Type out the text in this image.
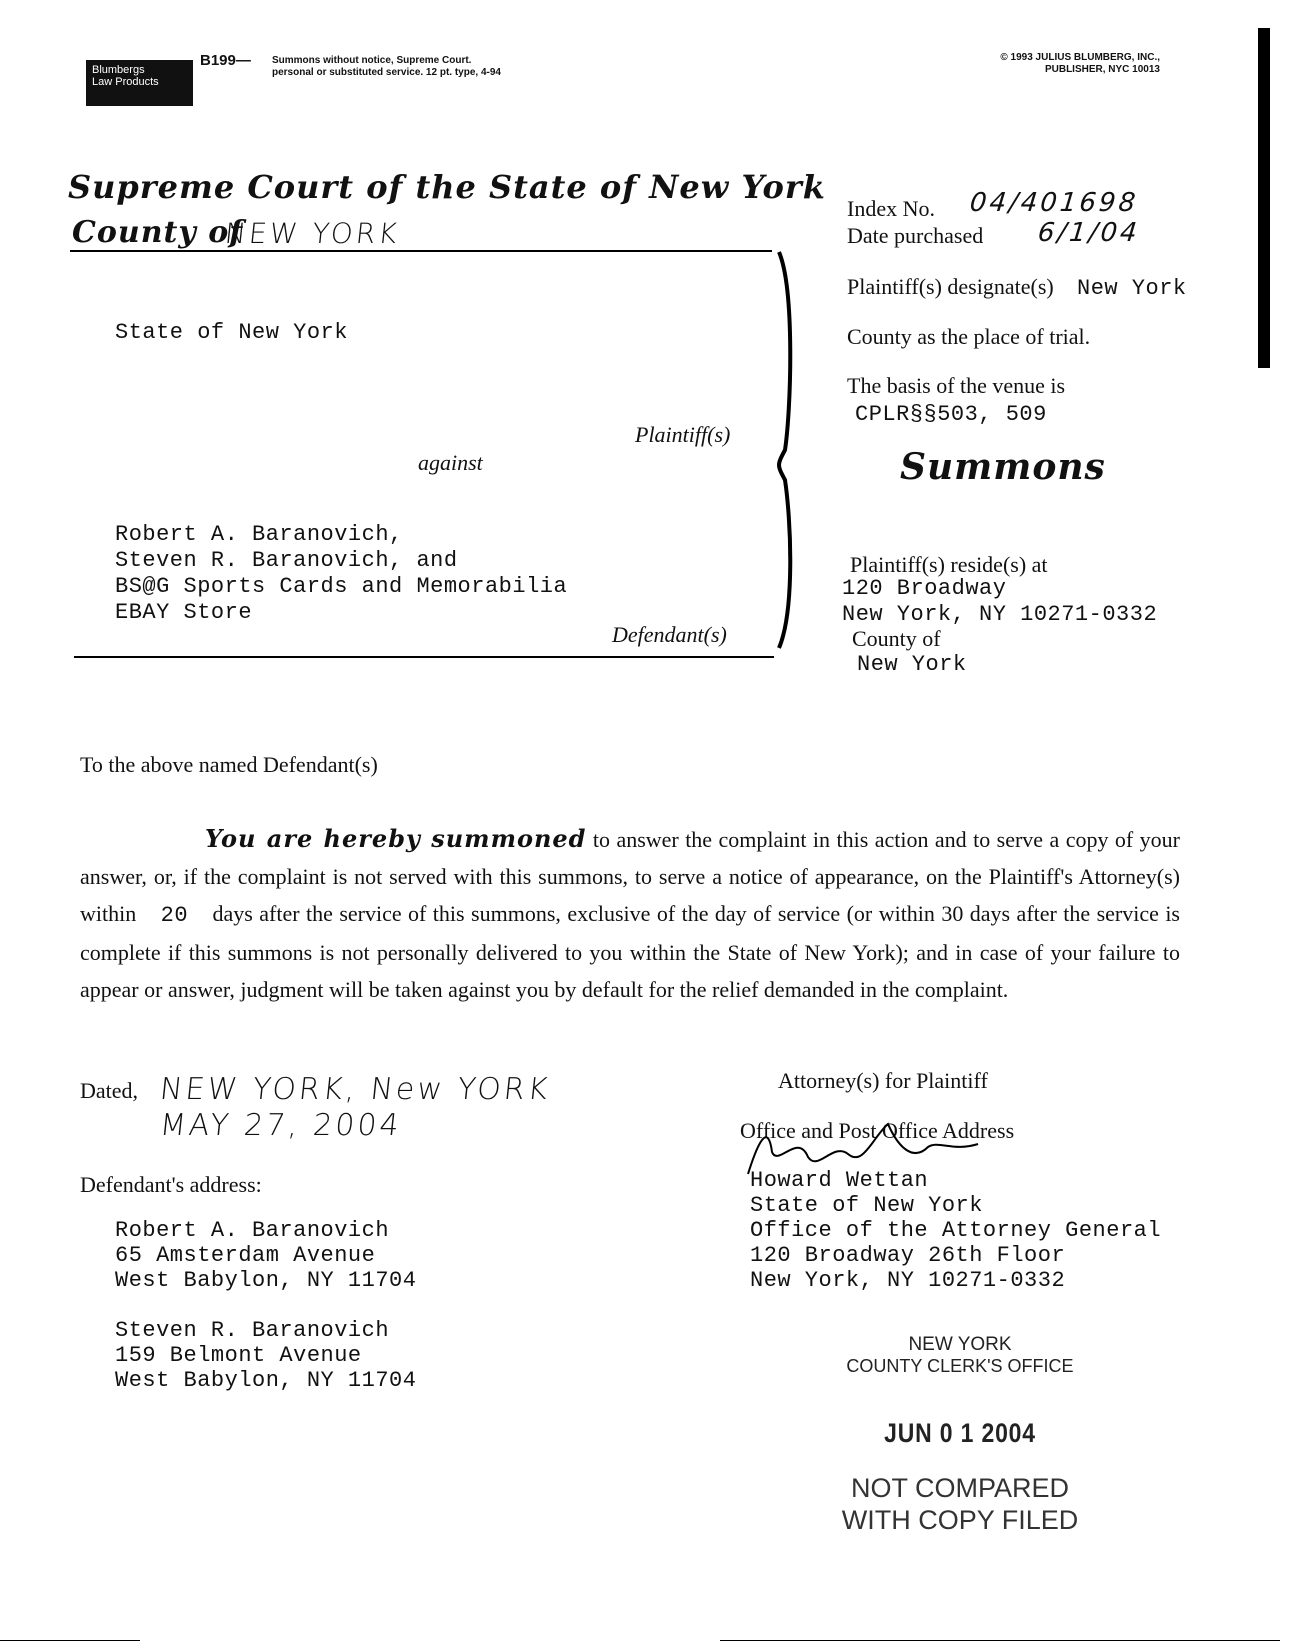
Blumbergs
Law Products
B199— Summons without notice, Supreme Court.
personal or substituted service. 12 pt. type, 4-94
© 1993 JULIUS BLUMBERG, INC.,
PUBLISHER, NYC 10013
Supreme Court of the State of New York
County of
NEW YORK
State of New York
Plaintiff(s)
against
Robert A. Baranovich,
Steven R. Baranovich, and
BS@G Sports Cards and Memorabilia
EBAY Store
Defendant(s)
Index No. 04/401698
Date purchased 6/1/04
Plaintiff(s) designate(s) New York
County as the place of trial.
The basis of the venue is
CPLR§§503, 509
Summons
Plaintiff(s) reside(s) at
120 Broadway
New York, NY 10271-0332
County of
New York
To the above named Defendant(s)
You are hereby summoned to answer the complaint in this action and to serve a copy of your answer, or, if the complaint is not served with this summons, to serve a notice of appearance, on the Plaintiff's Attorney(s) within 20 days after the service of this summons, exclusive of the day of service (or within 30 days after the service is complete if this summons is not personally delivered to you within the State of New York); and in case of your failure to appear or answer, judgment will be taken against you by default for the relief demanded in the complaint.
Dated, NEW YORK, New YORK
MAY 27, 2004
Defendant's address:
Robert A. Baranovich
65 Amsterdam Avenue
West Babylon, NY 11704
Steven R. Baranovich
159 Belmont Avenue
West Babylon, NY 11704
Attorney(s) for Plaintiff
Office and Post Office Address
Howard Wettan
State of New York
Office of the Attorney General
120 Broadway 26th Floor
New York, NY 10271-0332
NEW YORK
COUNTY CLERK'S OFFICE
JUN 0 1 2004
NOT COMPARED
WITH COPY FILED
